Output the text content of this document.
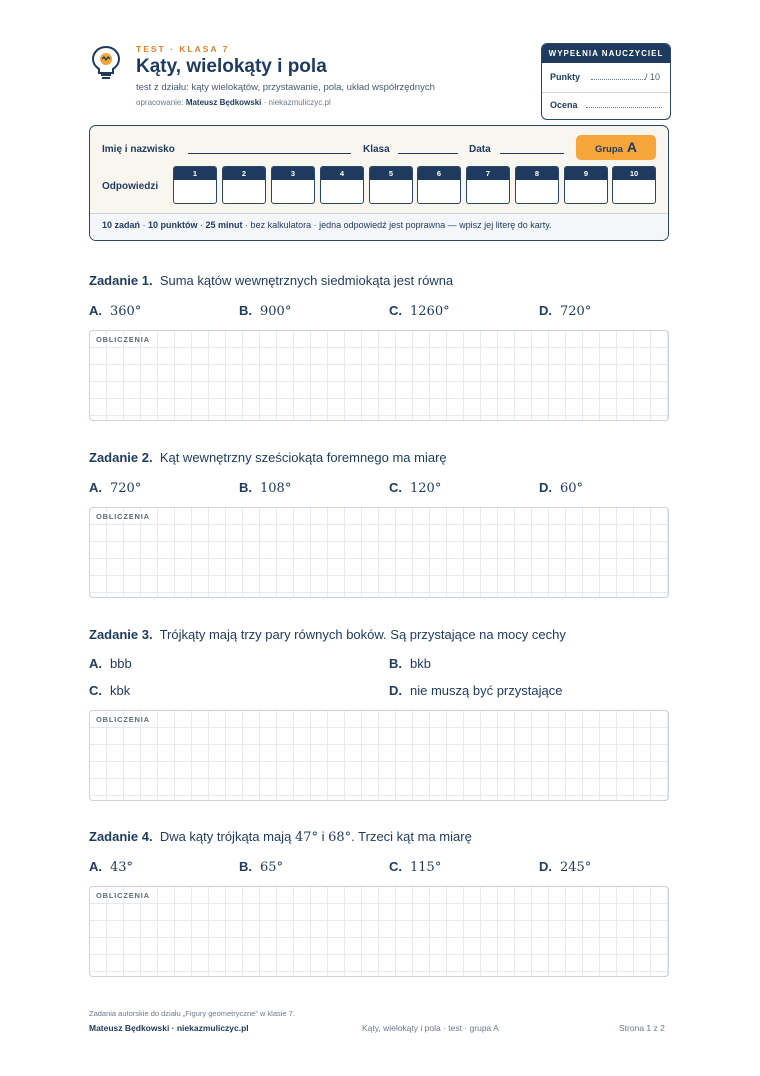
TEST · KLASA 7
Kąty, wielokąty i pola
test z działu: kąty wielokątów, przystawanie, pola, układ współrzędnych
opracowanie: Mateusz Będkowski · niekazmuliczyc.pl
WYPEŁNIA NAUCZYCIEL
Punkty	/ 10
Ocena
Imię i nazwisko	Klasa	Data	Grupa A
Odpowiedzi
1	2	3	4	5	6	7	8	9	10
10 zadań · 10 punktów · 25 minut · bez kalkulatora · jedna odpowiedź jest poprawna — wpisz jej literę do karty.
Zadanie 1. Suma kątów wewnętrznych siedmiokąta jest równa
A. 360°	B. 900°	C. 1260°	D. 720°
OBLICZENIA
Zadanie 2. Kąt wewnętrzny sześciokąta foremnego ma miarę
A. 720°	B. 108°	C. 120°	D. 60°
OBLICZENIA
Zadanie 3. Trójkąty mają trzy pary równych boków. Są przystające na mocy cechy
A. bbb	B. bkb
C. kbk	D. nie muszą być przystające
OBLICZENIA
Zadanie 4. Dwa kąty trójkąta mają 47° i 68°. Trzeci kąt ma miarę
A. 43°	B. 65°	C. 115°	D. 245°
OBLICZENIA
Zadania autorskie do działu „Figury geometryczne” w klasie 7.
Mateusz Będkowski · niekazmuliczyc.pl	Kąty, wielokąty i pola · test · grupa A	Strona 1 z 2
